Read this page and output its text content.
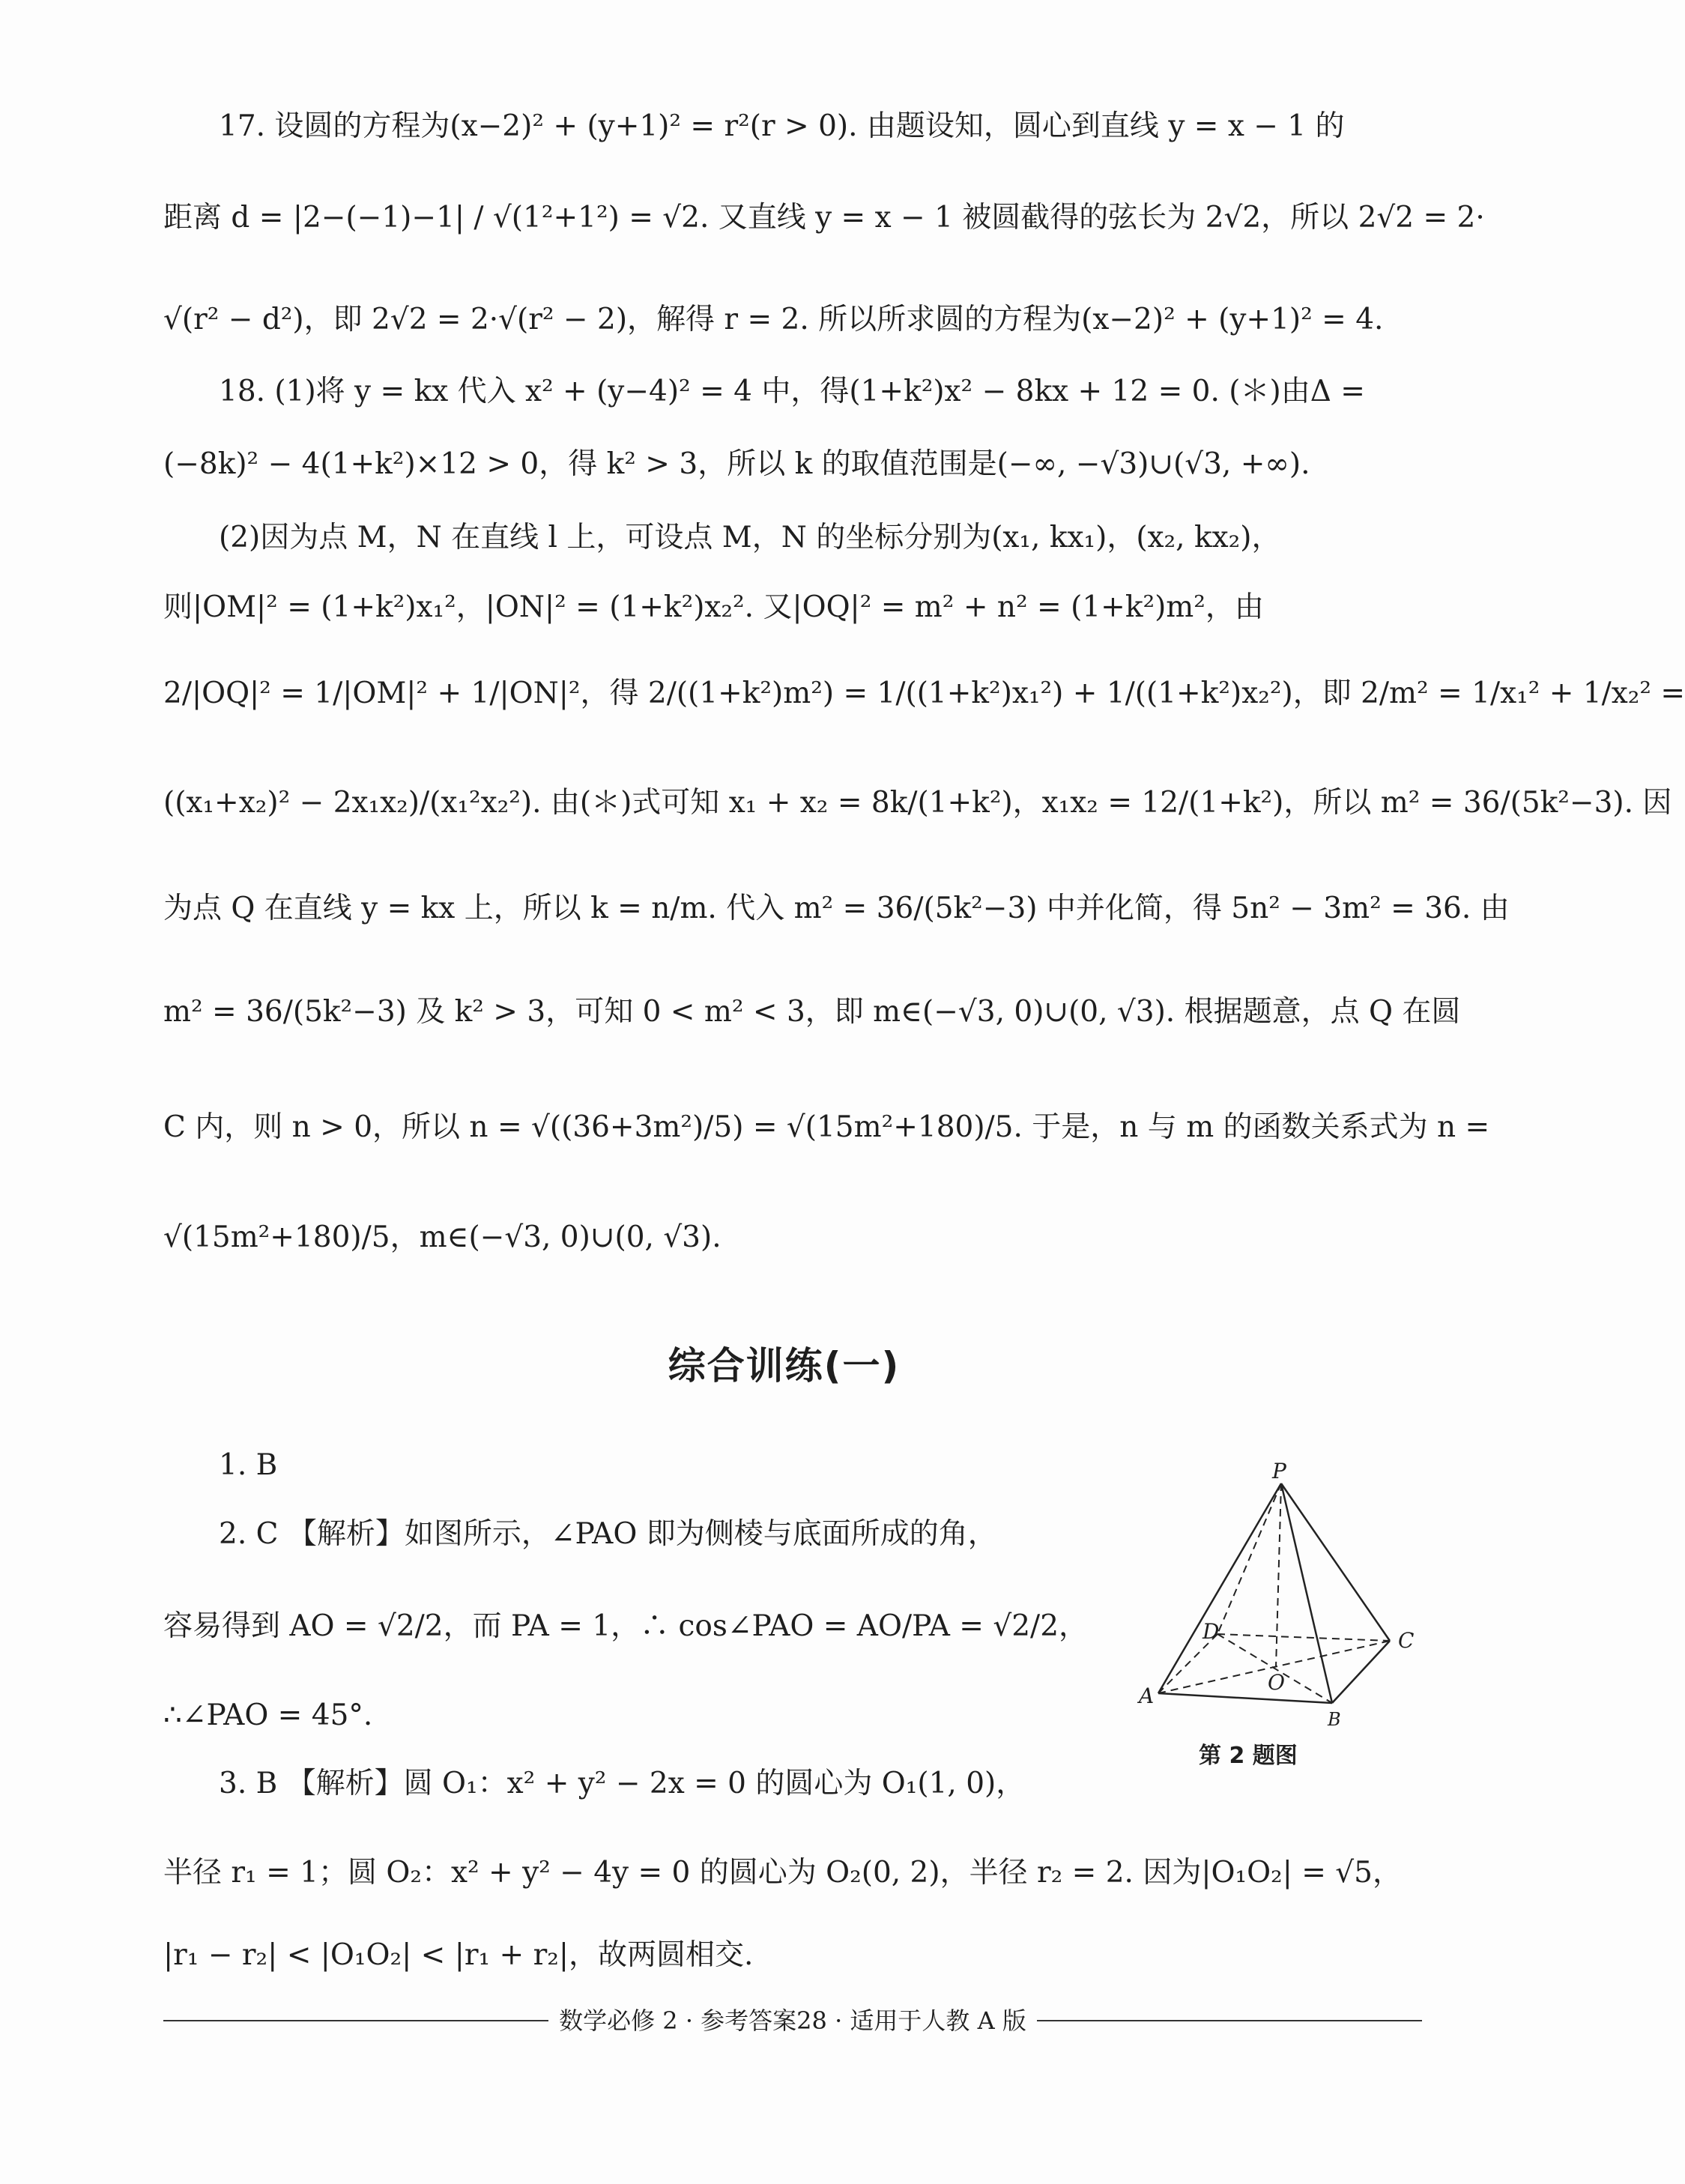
17. 设圆的方程为(x−2)² + (y+1)² = r²(r > 0). 由题设知，圆心到直线 y = x − 1 的
距离 d = |2−(−1)−1| / √(1²+1²) = √2. 又直线 y = x − 1 被圆截得的弦长为 2√2，所以 2√2 = 2·
√(r² − d²)，即 2√2 = 2·√(r² − 2)，解得 r = 2. 所以所求圆的方程为(x−2)² + (y+1)² = 4.
18. (1)将 y = kx 代入 x² + (y−4)² = 4 中，得(1+k²)x² − 8kx + 12 = 0. (＊)由Δ =
(−8k)² − 4(1+k²)×12 > 0，得 k² > 3，所以 k 的取值范围是(−∞, −√3)∪(√3, +∞).
(2)因为点 M，N 在直线 l 上，可设点 M，N 的坐标分别为(x₁, kx₁)，(x₂, kx₂)，
则|OM|² = (1+k²)x₁²，|ON|² = (1+k²)x₂². 又|OQ|² = m² + n² = (1+k²)m²，由
2/|OQ|² = 1/|OM|² + 1/|ON|²，得 2/((1+k²)m²) = 1/((1+k²)x₁²) + 1/((1+k²)x₂²)，即 2/m² = 1/x₁² + 1/x₂² =
((x₁+x₂)² − 2x₁x₂)/(x₁²x₂²). 由(＊)式可知 x₁ + x₂ = 8k/(1+k²)，x₁x₂ = 12/(1+k²)，所以 m² = 36/(5k²−3). 因
为点 Q 在直线 y = kx 上，所以 k = n/m. 代入 m² = 36/(5k²−3) 中并化简，得 5n² − 3m² = 36. 由
m² = 36/(5k²−3) 及 k² > 3，可知 0 < m² < 3，即 m∈(−√3, 0)∪(0, √3). 根据题意，点 Q 在圆
C 内，则 n > 0，所以 n = √((36+3m²)/5) = √(15m²+180)/5. 于是，n 与 m 的函数关系式为 n =
√(15m²+180)/5，m∈(−√3, 0)∪(0, √3).
综合训练(一)
1. B
2. C 【解析】如图所示，∠PAO 即为侧棱与底面所成的角，
容易得到 AO = √2/2，而 PA = 1，∴ cos∠PAO = AO/PA = √2/2，
∴∠PAO = 45°.
3. B 【解析】圆 O₁：x² + y² − 2x = 0 的圆心为 O₁(1, 0)，
半径 r₁ = 1；圆 O₂：x² + y² − 4y = 0 的圆心为 O₂(0, 2)，半径 r₂ = 2. 因为|O₁O₂| = √5，
|r₁ − r₂| < |O₁O₂| < |r₁ + r₂|，故两圆相交.
P
D	C
O
A
B
第 2 题图
数学必修 2 · 参考答案28 · 适用于人教 A 版
